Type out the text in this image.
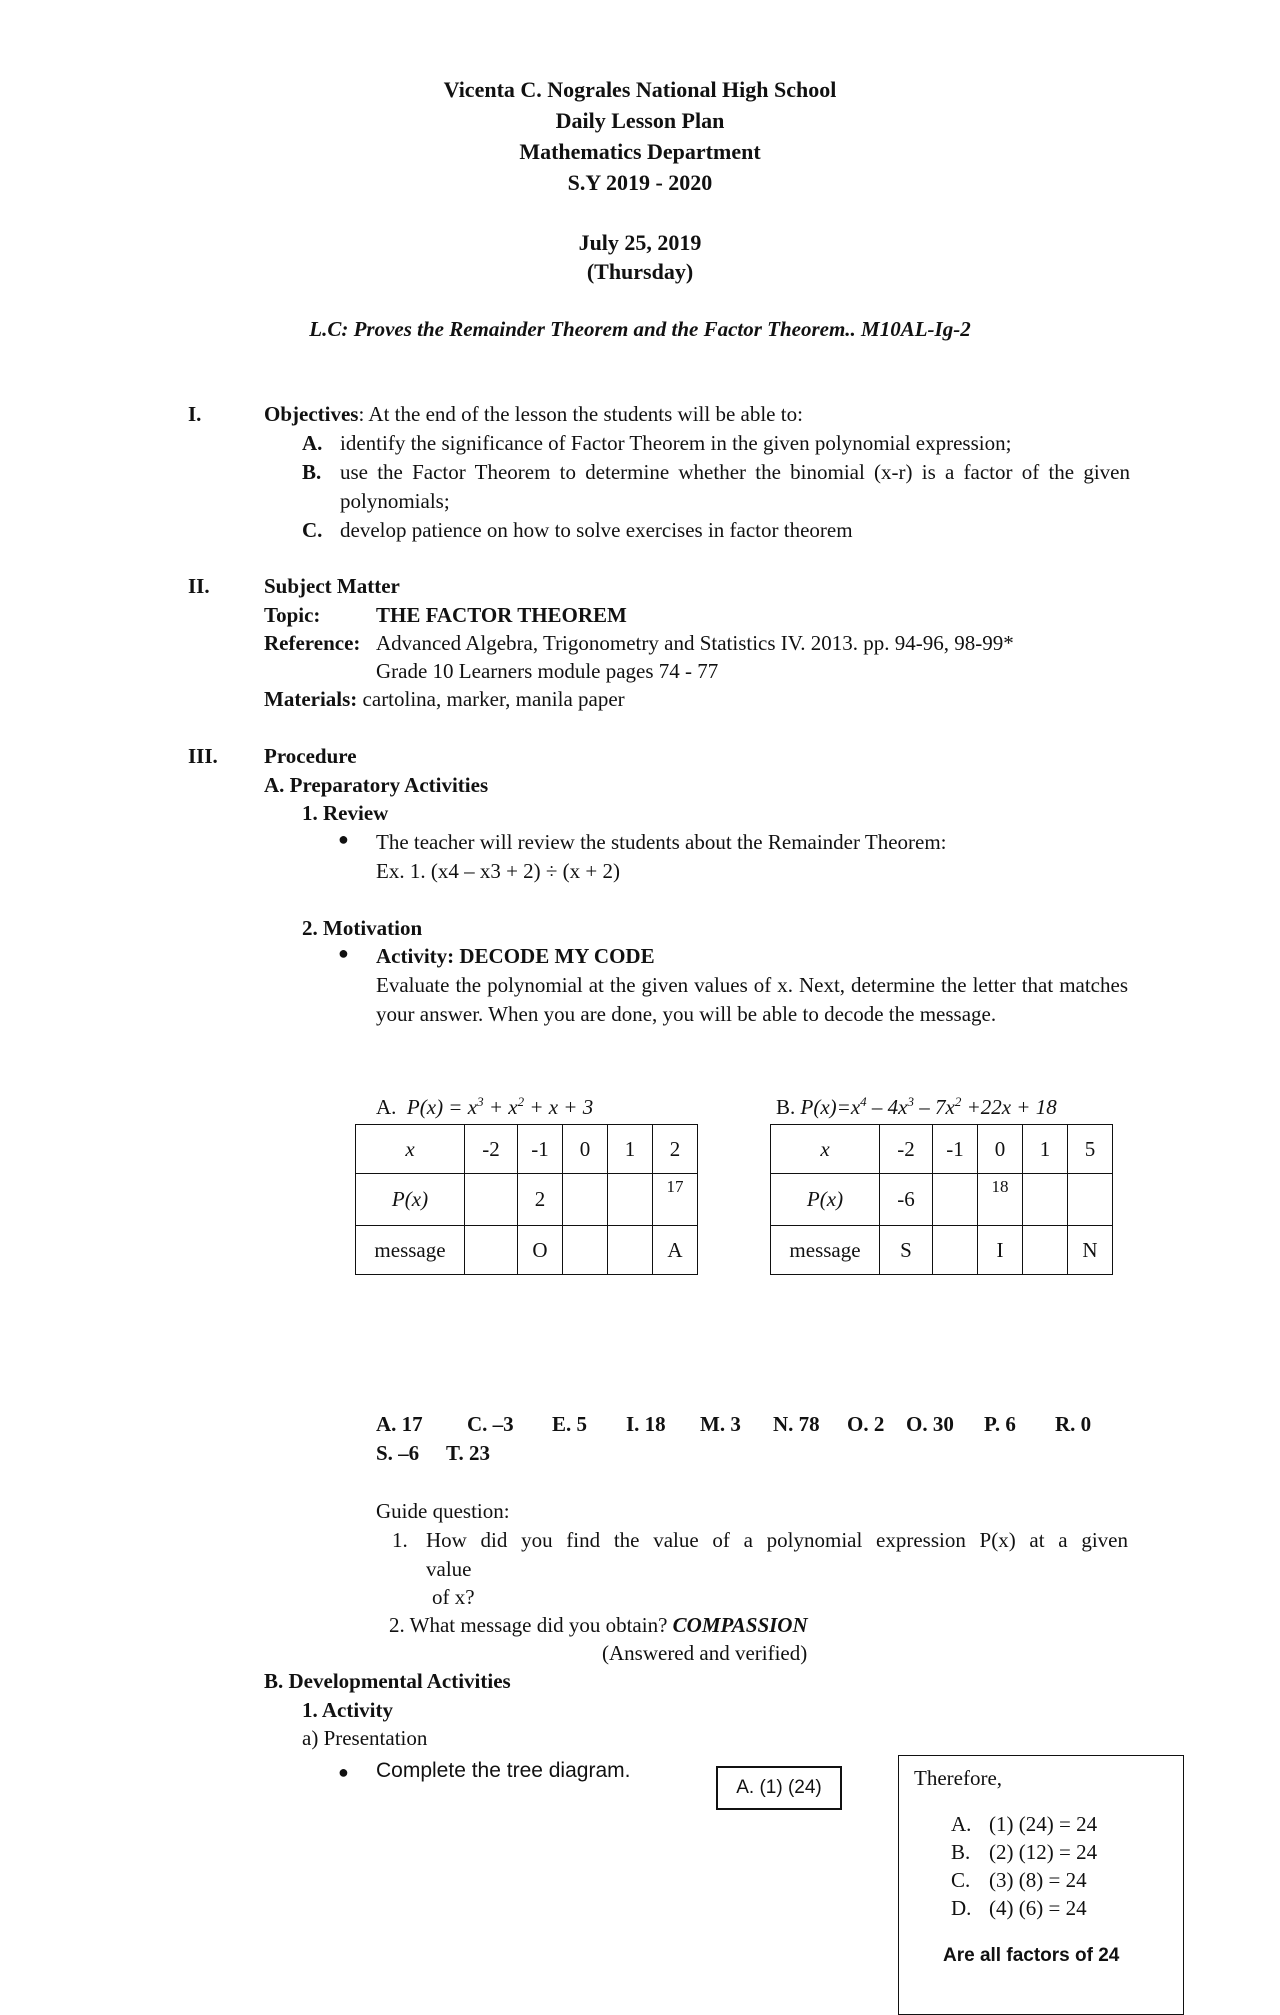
Vicenta C. Nograles National High School
Daily Lesson Plan
Mathematics Department
S.Y 2019 - 2020
July 25, 2019
(Thursday)
L.C: Proves the Remainder Theorem and the Factor Theorem.. M10AL-Ig-2
I.	Objectives: At the end of the lesson the students will be able to:
A. identify the significance of Factor Theorem in the given polynomial expression;
B. use the Factor Theorem to determine whether the binomial (x-r) is a factor of the given polynomials;
C. develop patience on how to solve exercises in factor theorem
II.	Subject Matter
Topic:	THE FACTOR THEOREM
Reference: Advanced Algebra, Trigonometry and Statistics IV. 2013. pp. 94-96, 98-99*
Grade 10 Learners module pages 74 - 77
Materials: cartolina, marker, manila paper
III. Procedure
A. Preparatory Activities
1. Review
● The teacher will review the students about the Remainder Theorem:
Ex. 1. (x4 – x3 + 2) ÷ (x + 2)
2. Motivation
● Activity: DECODE MY CODE
Evaluate the polynomial at the given values of x. Next, determine the letter that matches your answer. When you are done, you will be able to decode the message.
A. $P(x) = x^3 + x^2 + x + 3$
x	-2	-1	0	1	2
P(x)		2			17
message		O			A
B. $P(x)=x^4 - 4x^3 - 7x^2 +22x + 18$
x	-2	-1	0	1	5
P(x)	-6		18		
message	S		I		N
A. 17 C. –3 E. 5 I. 18 M. 3 N. 78 O. 2 O. 30 P. 6 R. 0
S. –6 T. 23
Guide question:
1. How did you find the value of a polynomial expression P(x) at a given
value
of x?
2. What message did you obtain? COMPASSION
(Answered and verified)
B. Developmental Activities
1. Activity
a) Presentation
● Complete the tree diagram.
A. (1) (24)	Therefore,
A. (1) (24) = 24
B. (2) (12) = 24
C. (3) (8) = 24
D. (4) (6) = 24
Are all factors of 24
